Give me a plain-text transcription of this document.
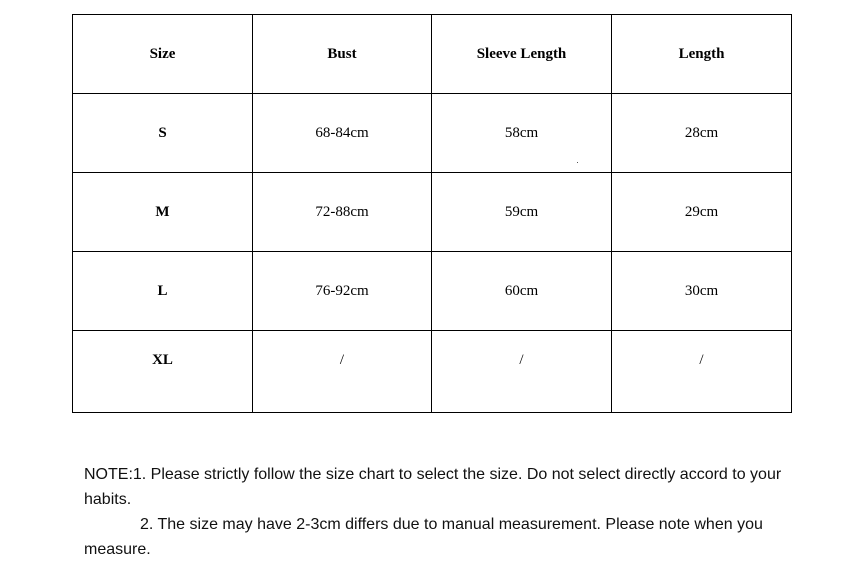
Size	Bust	Sleeve Length	Length
S	68-84cm	58cm	28cm
M	72-88cm	59cm	29cm
L	76-92cm	60cm	30cm
XL	/	/	/

NOTE:1. Please strictly follow the size chart to select the size. Do not select directly accord to your habits.

2. The size may have 2-3cm differs due to manual measurement. Please note when you measure.
